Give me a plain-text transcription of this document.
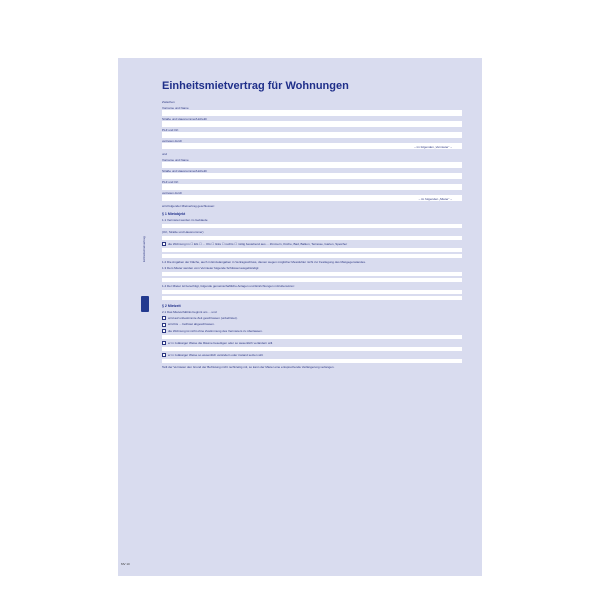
Einheitsmietvertrag
MV 10
Einheitsmietvertrag für Wohnungen
Zwischen
Vorname und Name
Straße und Hausnummer/Hofreith
PLZ und Ort
vertreten durch
– im folgenden „Vermieter“ –
und
Vorname und Name
Straße und Hausnummer/Hofreith
PLZ und Ort
vertreten durch
– im folgenden „Mieter“ –
wird folgender Mietvertrag geschlossen:
§ 1 Mietobjekt
1.1 Vermietet werden im Gebäude
(Ort, Straße und Hausnummer)
die Wohnung im ☐ EG ☐ ... OG ☐ links ☐ rechts ☐ mittig bestehend aus ... Zimmern, Küche, Bad, Balkon, Terrasse, Garten, Speicher
1.2 Die Angaben der Fläche, auch in Einzelangaben in Vertragsschluss, dienen wegen möglicher Messfehler nicht zur Festlegung des Mietgegenstandes.
1.3 Dem Mieter werden vom Vermieter folgende Schlüssel ausgehändigt:
1.4 Der Mieter ist berechtigt, folgende gemeinschaftliche Anlagen und Einrichtungen mitzubenutzen:
§ 2 Mietzeit
2.1 Das Mietverhältnis beginnt am ... und
wird auf unbestimmte Zeit geschlossen (unbefristet).
wird bis ... befristet abgeschlossen.
die Wohnung ist nicht ohne Zustimmung des Vermieters zu überlassen.
er in zulässiger Weise die Räume beseitigen oder so wesentlich verändern will.
er in zulässiger Weise so wesentlich verändern oder instand setzen will.
Teilt der Vermieter den Grund der Befristung nicht rechtzeitig mit, so kann der Mieter eine entsprechende Verlängerung verlangen.
